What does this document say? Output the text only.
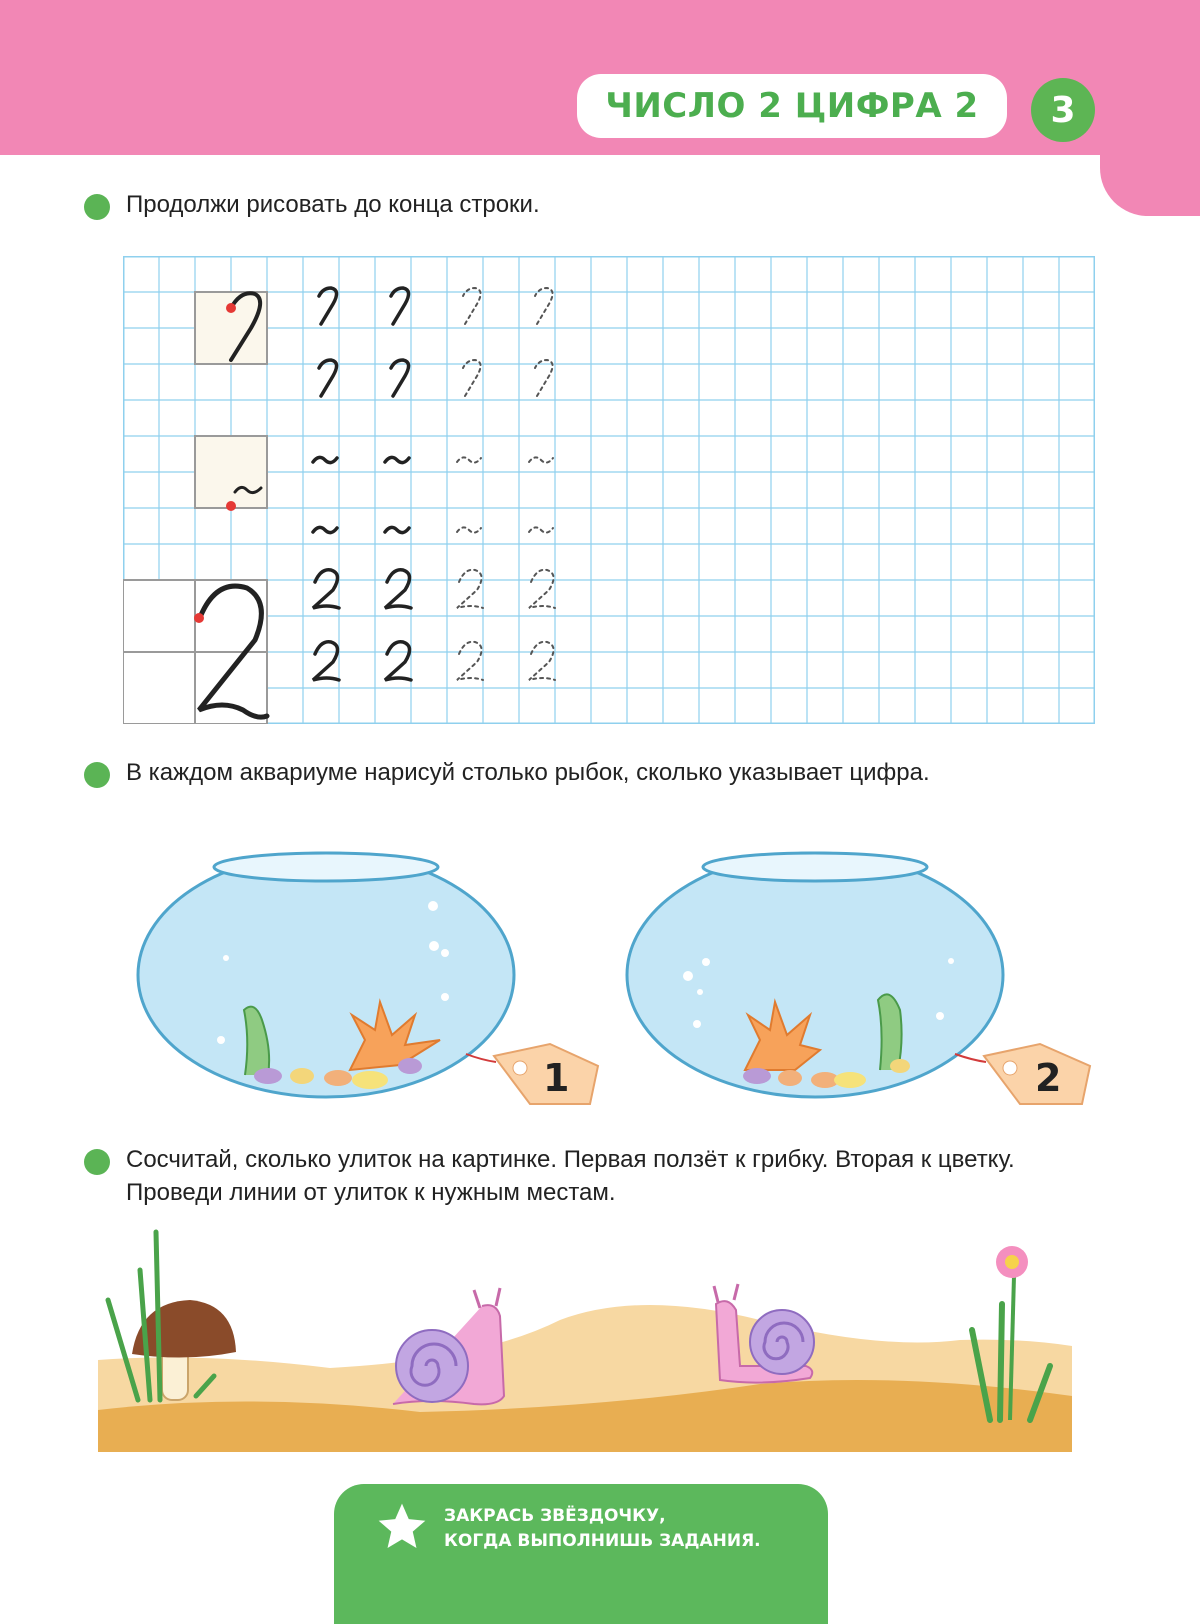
ЧИСЛО 2 ЦИФРА 2	3
Продолжи рисовать до конца строки.
В каждом аквариуме нарисуй столько рыбок, сколько указывает цифра.
1	2
Сосчитай, сколько улиток на картинке. Первая ползёт к грибку. Вторая к цветку. Проведи линии от улиток к нужным местам.
ЗАКРАСЬ ЗВЁЗДОЧКУ,
КОГДА ВЫПОЛНИШЬ ЗАДАНИЯ.
